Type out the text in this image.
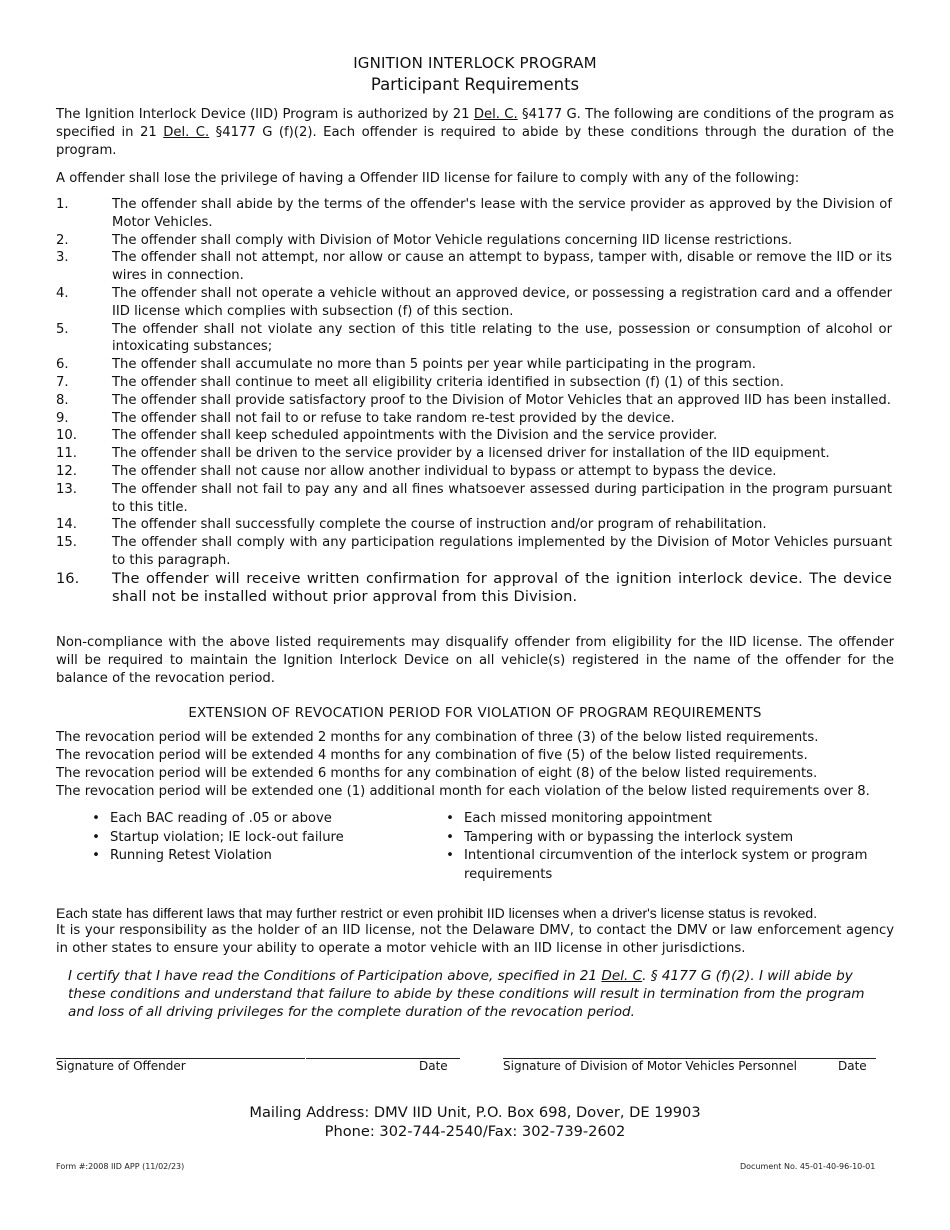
IGNITION INTERLOCK PROGRAM
Participant Requirements
The Ignition Interlock Device (IID) Program is authorized by 21 Del. C. §4177 G. The following are conditions of the program as specified in 21 Del. C. §4177 G (f)(2). Each offender is required to abide by these conditions through the duration of the program.
A offender shall lose the privilege of having a Offender IID license for failure to comply with any of the following:
1.	The offender shall abide by the terms of the offender's lease with the service provider as approved by the Division of Motor Vehicles.
2.	The offender shall comply with Division of Motor Vehicle regulations concerning IID license restrictions.
3.	The offender shall not attempt, nor allow or cause an attempt to bypass, tamper with, disable or remove the IID or its wires in connection.
4.	The offender shall not operate a vehicle without an approved device, or possessing a registration card and a offender IID license which complies with subsection (f) of this section.
5.	The offender shall not violate any section of this title relating to the use, possession or consumption of alcohol or intoxicating substances;
6.	The offender shall accumulate no more than 5 points per year while participating in the program.
7.	The offender shall continue to meet all eligibility criteria identified in subsection (f) (1) of this section.
8.	The offender shall provide satisfactory proof to the Division of Motor Vehicles that an approved IID has been installed.
9.	The offender shall not fail to or refuse to take random re-test provided by the device.
10.	The offender shall keep scheduled appointments with the Division and the service provider.
11.	The offender shall be driven to the service provider by a licensed driver for installation of the IID equipment.
12.	The offender shall not cause nor allow another individual to bypass or attempt to bypass the device.
13.	The offender shall not fail to pay any and all fines whatsoever assessed during participation in the program pursuant to this title.
14.	The offender shall successfully complete the course of instruction and/or program of rehabilitation.
15.	The offender shall comply with any participation regulations implemented by the Division of Motor Vehicles pursuant to this paragraph.
16.	The offender will receive written confirmation for approval of the ignition interlock device. The device shall not be installed without prior approval from this Division.
Non-compliance with the above listed requirements may disqualify offender from eligibility for the IID license. The offender will be required to maintain the Ignition Interlock Device on all vehicle(s) registered in the name of the offender for the balance of the revocation period.
EXTENSION OF REVOCATION PERIOD FOR VIOLATION OF PROGRAM REQUIREMENTS
The revocation period will be extended 2 months for any combination of three (3) of the below listed requirements.
The revocation period will be extended 4 months for any combination of five (5) of the below listed requirements.
The revocation period will be extended 6 months for any combination of eight (8) of the below listed requirements.
The revocation period will be extended one (1) additional month for each violation of the below listed requirements over 8.
• Each BAC reading of .05 or above
• Startup violation; IE lock-out failure
• Running Retest Violation
• Each missed monitoring appointment
• Tampering with or bypassing the interlock system
• Intentional circumvention of the interlock system or program requirements
Each state has different laws that may further restrict or even prohibit IID licenses when a driver's license status is revoked.
It is your responsibility as the holder of an IID license, not the Delaware DMV, to contact the DMV or law enforcement agency in other states to ensure your ability to operate a motor vehicle with an IID license in other jurisdictions.
I certify that I have read the Conditions of Participation above, specified in 21 Del. C. § 4177 G (f)(2). I will abide by these conditions and understand that failure to abide by these conditions will result in termination from the program and loss of all driving privileges for the complete duration of the revocation period.
Signature of Offender	Date	Signature of Division of Motor Vehicles Personnel	Date
Mailing Address: DMV IID Unit, P.O. Box 698, Dover, DE 19903
Phone: 302-744-2540/Fax: 302-739-2602
Form #:2008 IID APP (11/02/23)	Document No. 45-01-40-96-10-01
